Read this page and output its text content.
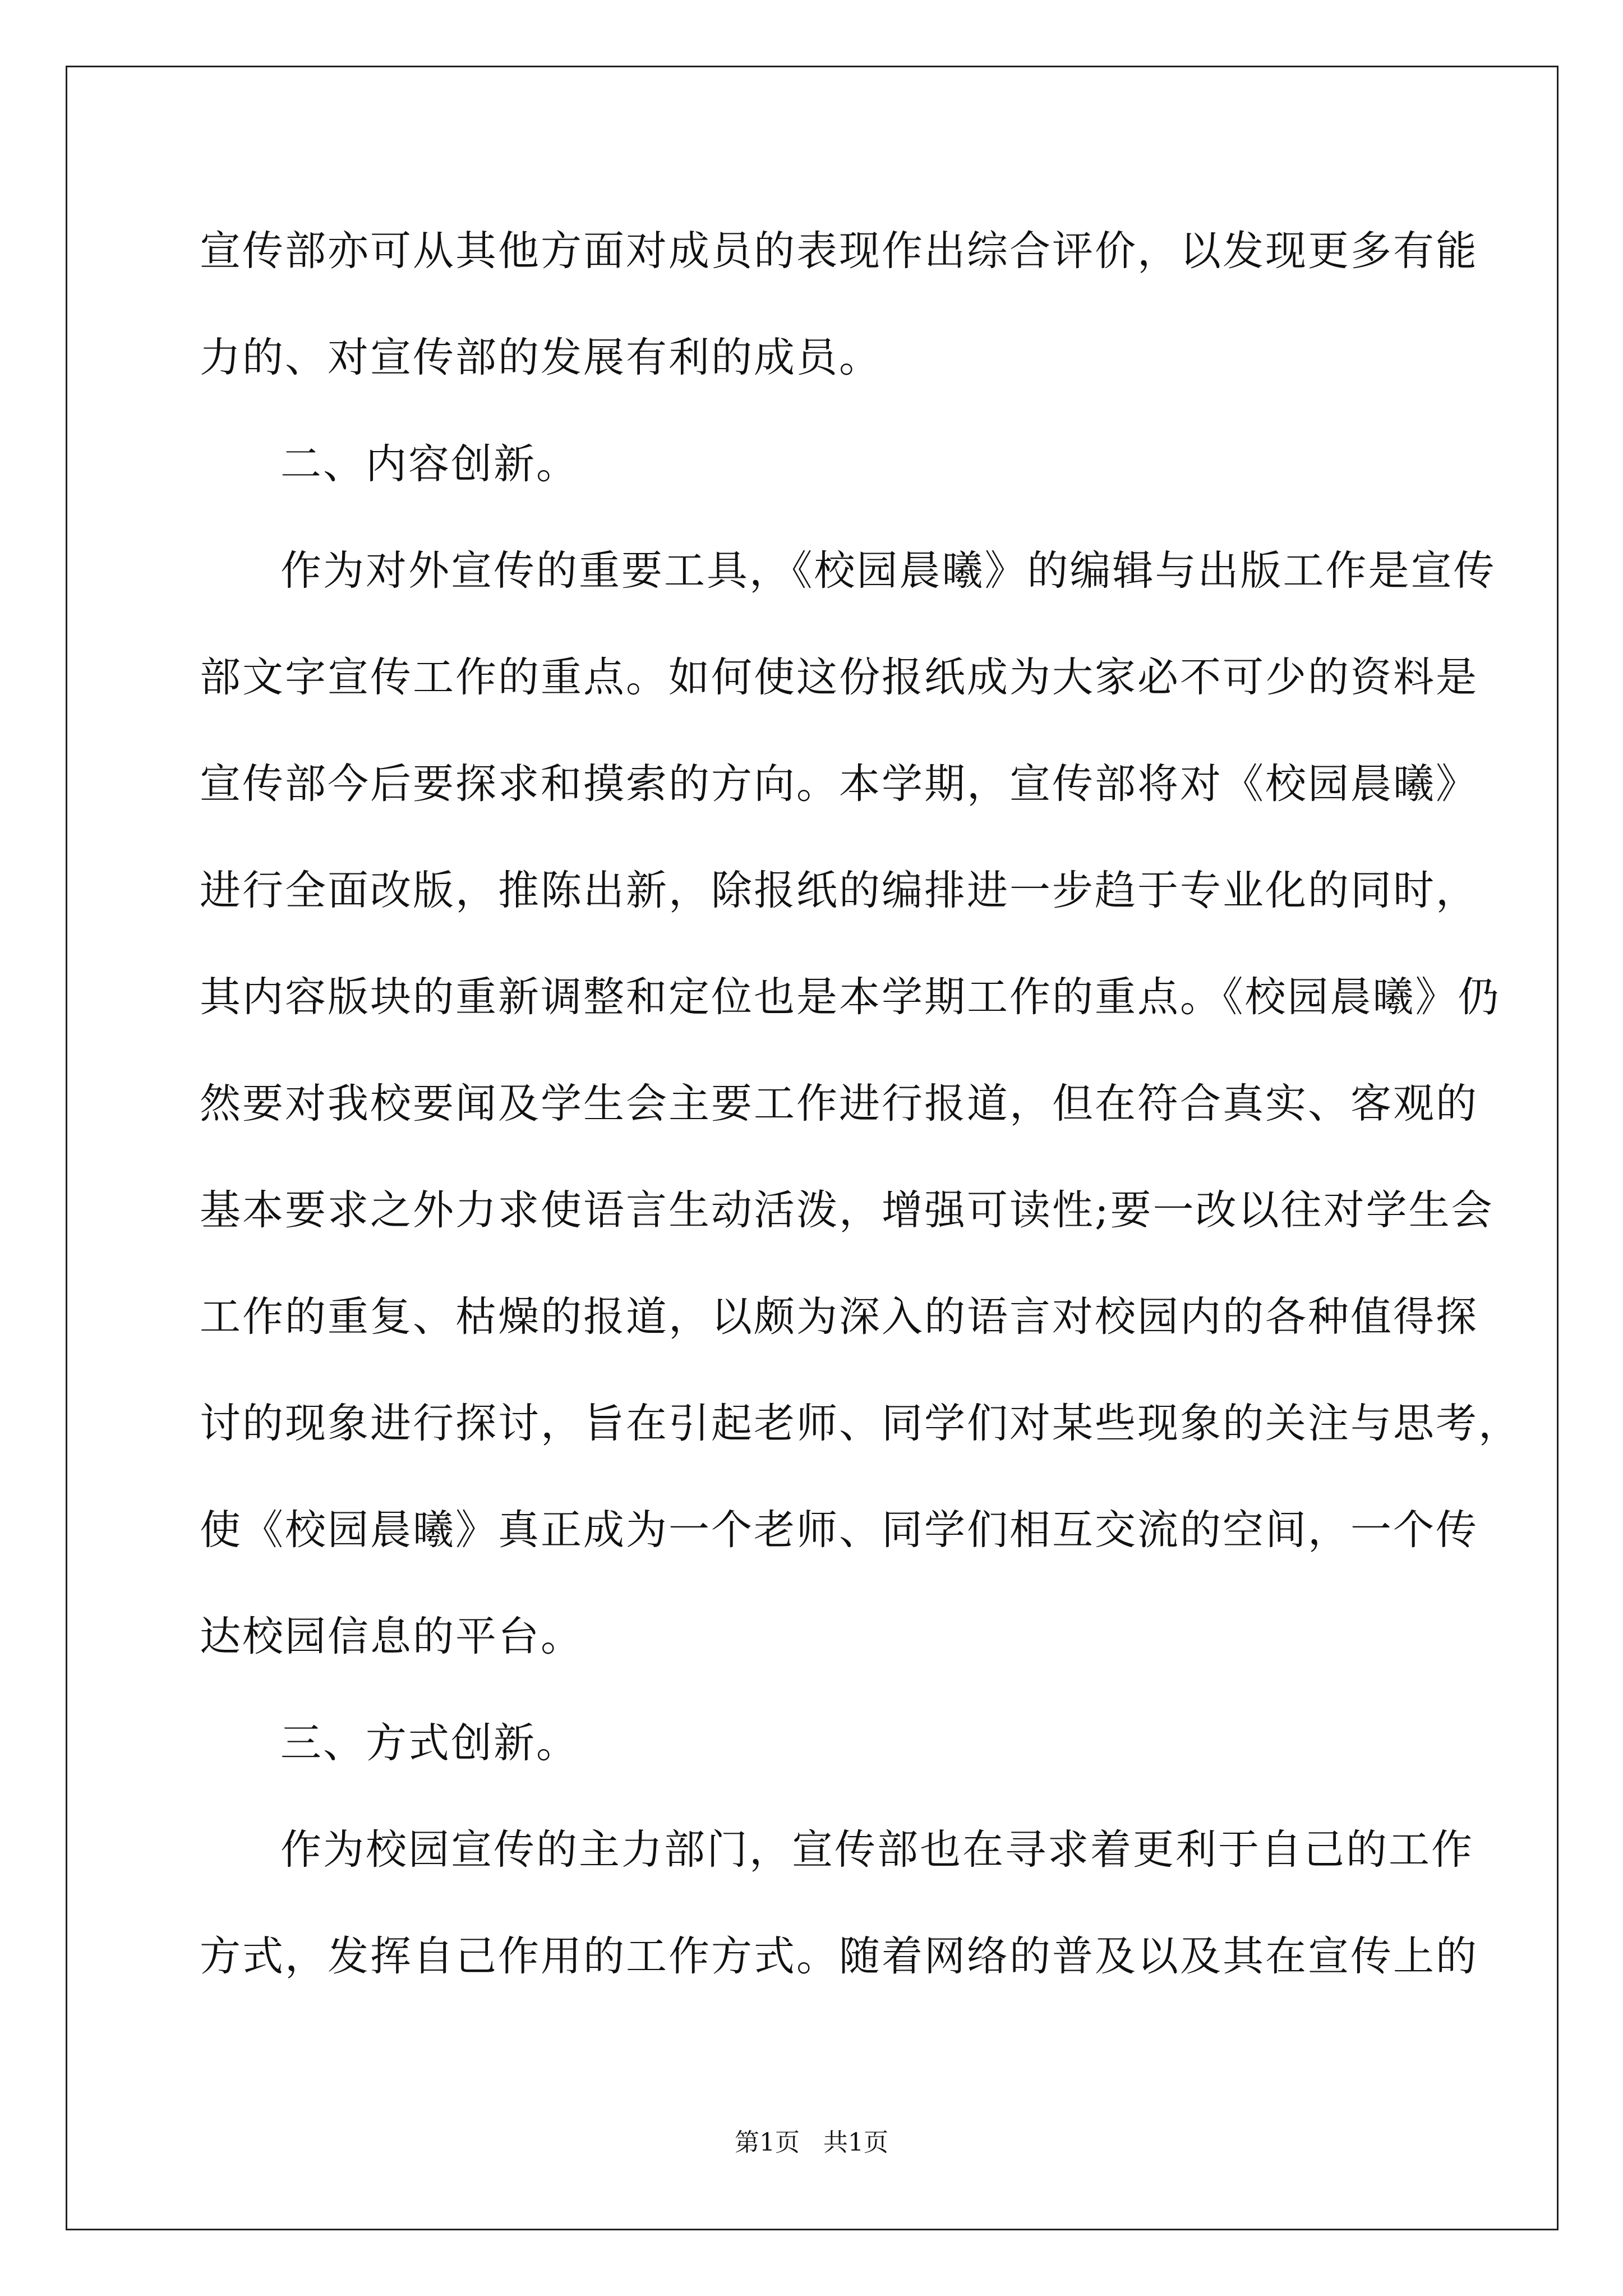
宣传部亦可从其他方面对成员的表现作出综合评价，以发现更多有能

力的、对宣传部的发展有利的成员。

二、内容创新。

作为对外宣传的重要工具，《校园晨曦》的编辑与出版工作是宣传

部文字宣传工作的重点。如何使这份报纸成为大家必不可少的资料是

宣传部今后要探求和摸索的方向。本学期，宣传部将对《校园晨曦》

进行全面改版，推陈出新，除报纸的编排进一步趋于专业化的同时，

其内容版块的重新调整和定位也是本学期工作的重点。《校园晨曦》仍

然要对我校要闻及学生会主要工作进行报道，但在符合真实、客观的

基本要求之外力求使语言生动活泼，增强可读性;要一改以往对学生会

工作的重复、枯燥的报道，以颇为深入的语言对校园内的各种值得探

讨的现象进行探讨，旨在引起老师、同学们对某些现象的关注与思考，

使《校园晨曦》真正成为一个老师、同学们相互交流的空间，一个传

达校园信息的平台。

三、方式创新。

作为校园宣传的主力部门，宣传部也在寻求着更利于自己的工作

方式，发挥自己作用的工作方式。随着网络的普及以及其在宣传上的

第1页   共1页
